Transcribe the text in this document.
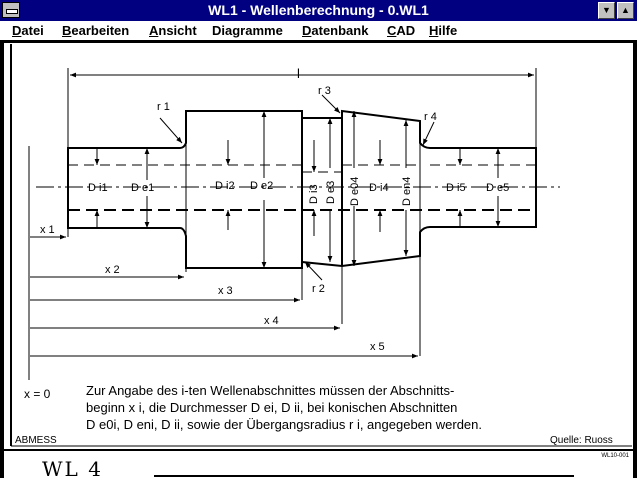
WL1 - Wellenberechnung - 0.WL1	▼	▲
Datei Bearbeiten Ansicht Diagramme Datenbank CAD Hilfe
l
r 1
r 2
r 3
r 4
D i1 D e1	D i2 D e2	D i3 D e3 D e04 D i4 D en4	D i5 D e5
x 1
x 2
x 3
x 4
x 5
x = 0	Zur Angabe des i-ten Wellenabschnittes müssen der Abschnitts-
beginn x i, die Durchmesser D ei, D ii, bei konischen Abschnitten
D e0i, D eni, D ii, sowie der Übergangsradius r i, angegeben werden.
ABMESS	Quelle: Ruoss
WL 4
WL10-001
